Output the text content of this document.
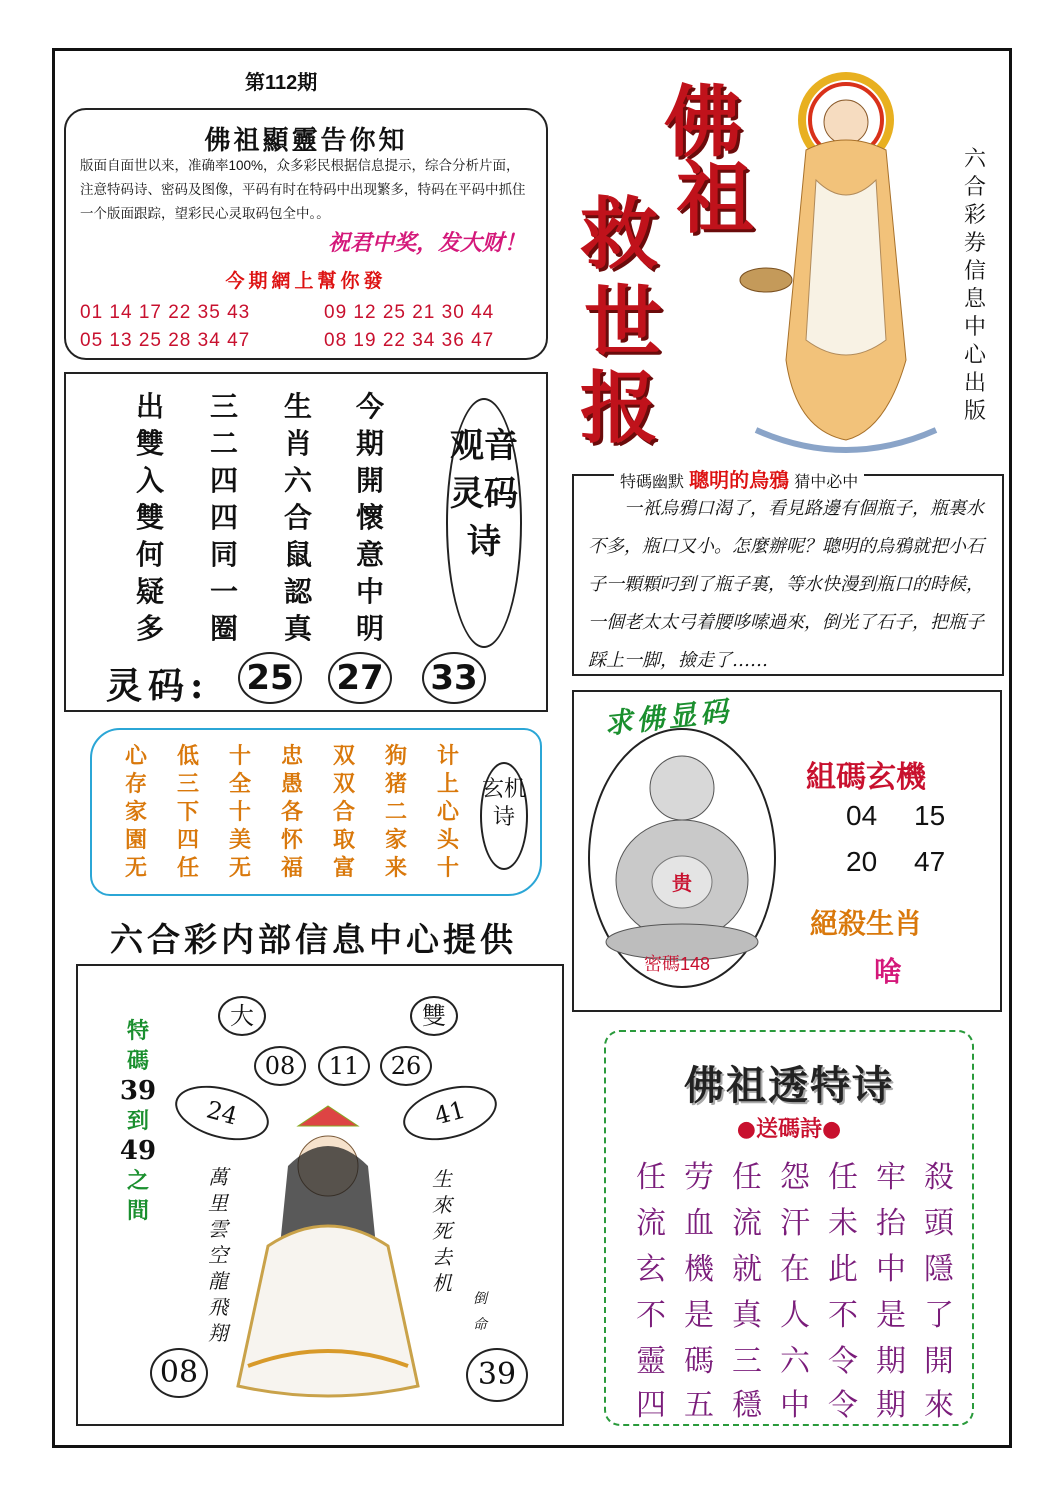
第112期
佛祖顯靈告你知
版面自面世以来，准确率100%，众多彩民根据信息提示，综合分析片面，注意特码诗、密码及图像，平码有时在特码中出现繁多，特码在平码中抓住一个版面跟踪，望彩民心灵取码包全中。。
祝君中奖，发大财！
今期網上幫你發
01 14 17 22 35 43
05 13 25 28 34 47
09 12 25 21 30 44
08 19 22 34 36 47
佛
祖
救
世
报
六合彩券信息中心出版
出雙入雙何疑多
三二四四同一圈
生肖六合鼠認真
今期開懷意中明
观音灵码诗
灵码: 25 27 33
心存家園无
低三下四任
十全十美无
忠愚各怀福
双双合取富
狗猪二家来
计上心头十
玄机诗
六合彩内部信息中心提供
特碼幽默 聰明的烏鴉 猜中必中
一衹烏鴉口渴了，看見路邊有個瓶子，瓶裏水不多，瓶口又小。怎麼辦呢？聰明的烏鴉就把小石子一顆顆叼到了瓶子裏，等水快漫到瓶口的時候，一個老太太弓着腰哆嗦過來，倒光了石子，把瓶子踩上一脚，撿走了……
求佛显码
贵
密碼148
組碼玄機
04 15
20 47
絕殺生肖
啥
大	雙
特
碼
39
到
49
之
間
08	11	26
24	41
萬里雲空龍飛翔
生來死去机
倒命
08	39
佛祖透特诗
●送碼詩●
任劳任怨任牢殺
流血流汗未抬頭
玄機就在此中隱
不是真人不是了
靈碼三六令期開
四五穩中令期來
